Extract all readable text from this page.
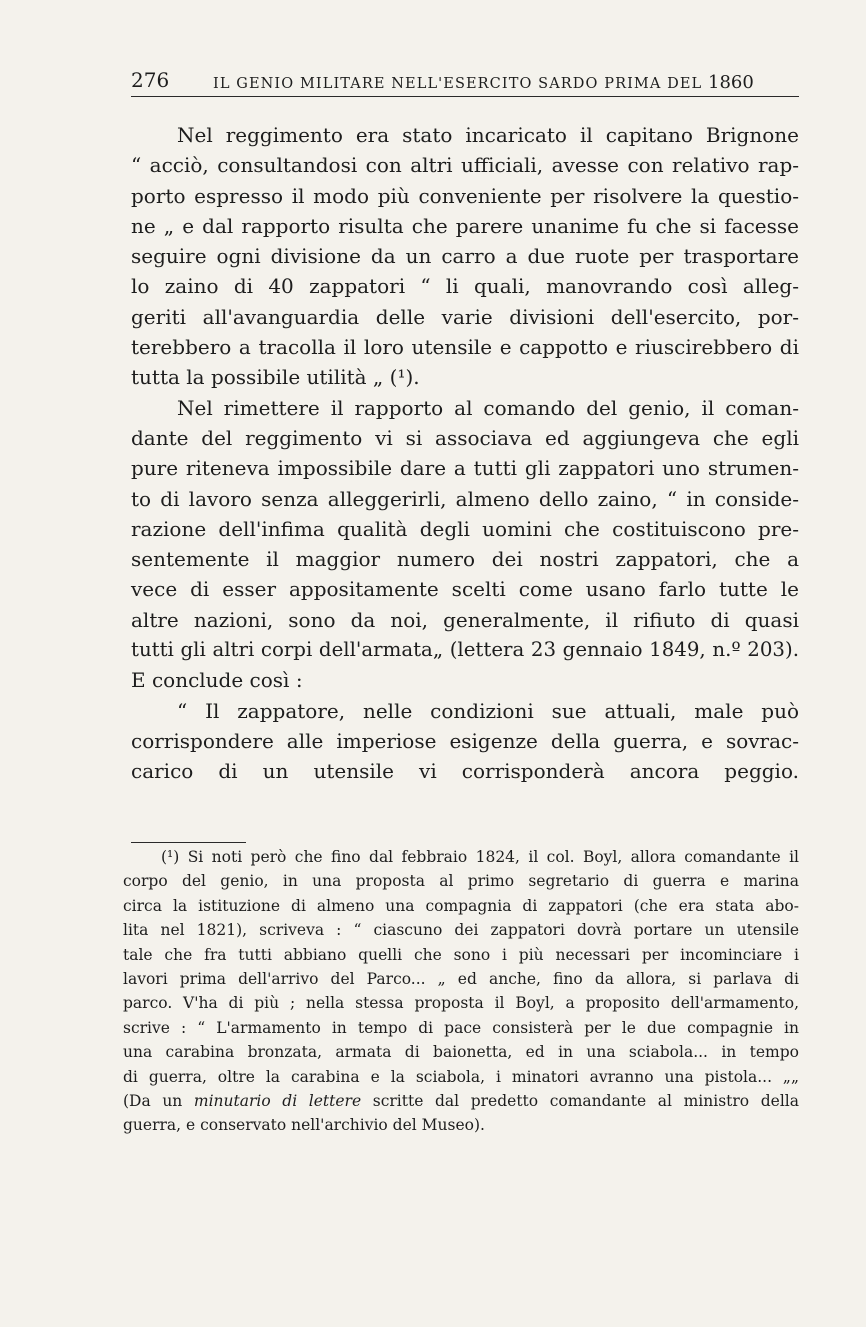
276	IL GENIO MILITARE NELL'ESERCITO SARDO PRIMA DEL 1860
Nel reggimento era stato incaricato il capitano Brignone
“ acciò, consultandosi con altri ufficiali, avesse con relativo rap-
porto espresso il modo più conveniente per risolvere la questio-
ne „ e dal rapporto risulta che parere unanime fu che si facesse
seguire ogni divisione da un carro a due ruote per trasportare
lo zaino di 40 zappatori “ li quali, manovrando così alleg-
geriti all'avanguardia delle varie divisioni dell'esercito, por-
terebbero a tracolla il loro utensile e cappotto e riuscirebbero di
tutta la possibile utilità „ (¹).
Nel rimettere il rapporto al comando del genio, il coman-
dante del reggimento vi si associava ed aggiungeva che egli
pure riteneva impossibile dare a tutti gli zappatori uno strumen-
to di lavoro senza alleggerirli, almeno dello zaino, “ in conside-
razione dell'infima qualità degli uomini che costituiscono pre-
sentemente il maggior numero dei nostri zappatori, che a
vece di esser appositamente scelti come usano farlo tutte le
altre nazioni, sono da noi, generalmente, il rifiuto di quasi
tutti gli altri corpi dell'armata„ (lettera 23 gennaio 1849, n.º 203).
E conclude così :
“ Il zappatore, nelle condizioni sue attuali, male può
corrispondere alle imperiose esigenze della guerra, e sovrac-
carico di un utensile vi corrisponderà ancora peggio.
(¹) Si noti però che fino dal febbraio 1824, il col. Boyl, allora comandante il
corpo del genio, in una proposta al primo segretario di guerra e marina
circa la istituzione di almeno una compagnia di zappatori (che era stata abo-
lita nel 1821), scriveva : “ ciascuno dei zappatori dovrà portare un utensile
tale che fra tutti abbiano quelli che sono i più necessari per incominciare i
lavori prima dell'arrivo del Parco... „ ed anche, fino da allora, si parlava di
parco. V'ha di più ; nella stessa proposta il Boyl, a proposito dell'armamento,
scrive : “ L'armamento in tempo di pace consisterà per le due compagnie in
una carabina bronzata, armata di baionetta, ed in una sciabola... in tempo
di guerra, oltre la carabina e la sciabola, i minatori avranno una pistola... „„
(Da un minutario di lettere scritte dal predetto comandante al ministro della
guerra, e conservato nell'archivio del Museo).
